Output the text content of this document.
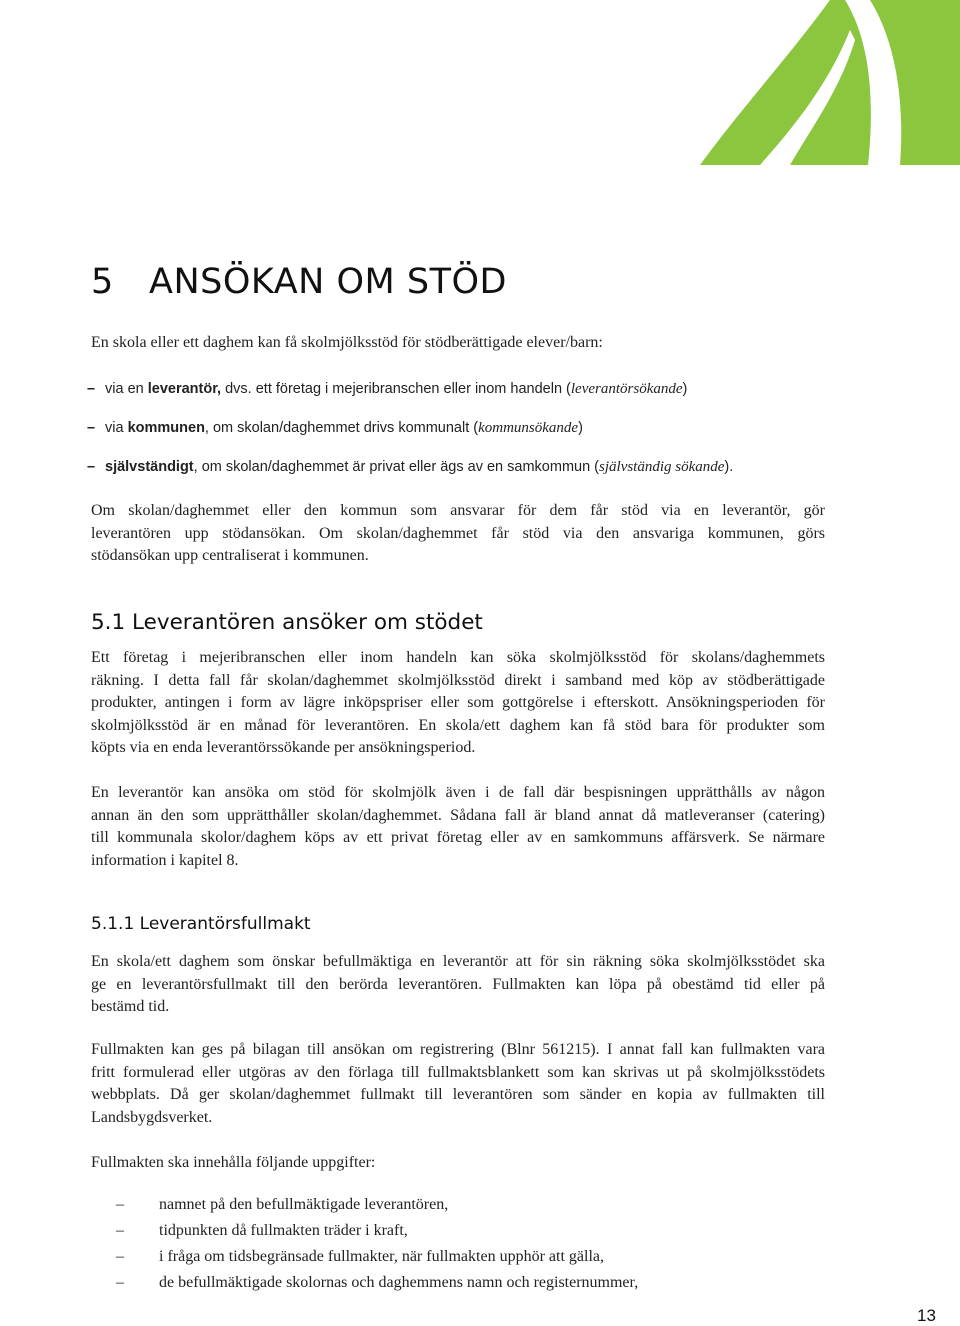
5 ANSÖKAN OM STÖD
En skola eller ett daghem kan få skolmjölksstöd för stödberättigade elever/barn:
– via en leverantör, dvs. ett företag i mejeribranschen eller inom handeln (leverantörsökande)
– via kommunen, om skolan/daghemmet drivs kommunalt (kommunsökande)
– självständigt, om skolan/daghemmet är privat eller ägs av en samkommun (självständig sökande).
Om skolan/daghemmet eller den kommun som ansvarar för dem får stöd via en leverantör, gör
leverantören upp stödansökan. Om skolan/daghemmet får stöd via den ansvariga kommunen, görs
stödansökan upp centraliserat i kommunen.
5.1 Leverantören ansöker om stödet
Ett företag i mejeribranschen eller inom handeln kan söka skolmjölksstöd för skolans/daghemmets
räkning. I detta fall får skolan/daghemmet skolmjölksstöd direkt i samband med köp av stödberättigade
produkter, antingen i form av lägre inköpspriser eller som gottgörelse i efterskott. Ansökningsperioden för
skolmjölksstöd är en månad för leverantören. En skola/ett daghem kan få stöd bara för produkter som
köpts via en enda leverantörssökande per ansökningsperiod.
En leverantör kan ansöka om stöd för skolmjölk även i de fall där bespisningen upprätthålls av någon
annan än den som upprätthåller skolan/daghemmet. Sådana fall är bland annat då matleveranser (catering)
till kommunala skolor/daghem köps av ett privat företag eller av en samkommuns affärsverk. Se närmare
information i kapitel 8.
5.1.1 Leverantörsfullmakt
En skola/ett daghem som önskar befullmäktiga en leverantör att för sin räkning söka skolmjölksstödet ska
ge en leverantörsfullmakt till den berörda leverantören. Fullmakten kan löpa på obestämd tid eller på
bestämd tid.
Fullmakten kan ges på bilagan till ansökan om registrering (Blnr 561215). I annat fall kan fullmakten vara
fritt formulerad eller utgöras av den förlaga till fullmaktsblankett som kan skrivas ut på skolmjölksstödets
webbplats. Då ger skolan/daghemmet fullmakt till leverantören som sänder en kopia av fullmakten till
Landsbygdsverket.
Fullmakten ska innehålla följande uppgifter:
– namnet på den befullmäktigade leverantören,
– tidpunkten då fullmakten träder i kraft,
– i fråga om tidsbegränsade fullmakter, när fullmakten upphör att gälla,
– de befullmäktigade skolornas och daghemmens namn och registernummer,
13
